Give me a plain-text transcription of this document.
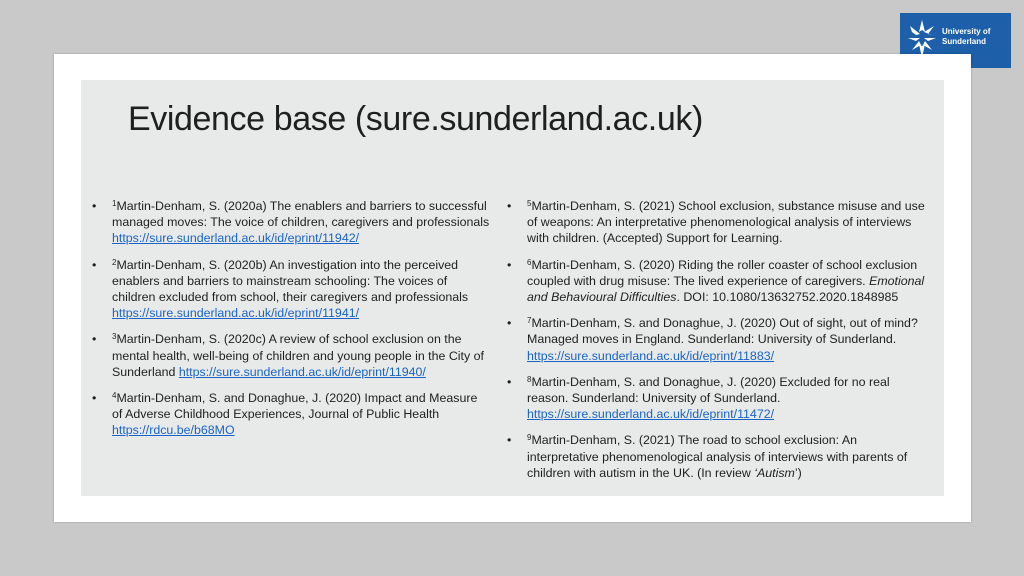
University of
Sunderland
Evidence base (sure.sunderland.ac.uk)
• $^1$Martin-Denham, S. (2020a) The enablers and barriers to successful managed moves: The voice of children, caregivers and professionals https://sure.sunderland.ac.uk/id/eprint/11942/
• $^2$Martin-Denham, S. (2020b) An investigation into the perceived enablers and barriers to mainstream schooling: The voices of children excluded from school, their caregivers and professionals https://sure.sunderland.ac.uk/id/eprint/11941/
• $^3$Martin-Denham, S. (2020c) A review of school exclusion on the mental health, well-being of children and young people in the City of Sunderland https://sure.sunderland.ac.uk/id/eprint/11940/
• $^4$Martin-Denham, S. and Donaghue, J. (2020) Impact and Measure of Adverse Childhood Experiences, Journal of Public Health https://rdcu.be/b68MO
• $^5$Martin-Denham, S. (2021) School exclusion, substance misuse and use of weapons: An interpretative phenomenological analysis of interviews with children. (Accepted) Support for Learning.
• $^6$Martin-Denham, S. (2020) Riding the roller coaster of school exclusion coupled with drug misuse: The lived experience of caregivers. Emotional and Behavioural Difficulties. DOI: 10.1080/13632752.2020.1848985
• $^7$Martin-Denham, S. and Donaghue, J. (2020) Out of sight, out of mind? Managed moves in England. Sunderland: University of Sunderland. https://sure.sunderland.ac.uk/id/eprint/11883/
• $^8$Martin-Denham, S. and Donaghue, J. (2020) Excluded for no real reason. Sunderland: University of Sunderland. https://sure.sunderland.ac.uk/id/eprint/11472/
• $^9$Martin-Denham, S. (2021) The road to school exclusion: An interpretative phenomenological analysis of interviews with parents of children with autism in the UK. (In review ‘Autism’)
